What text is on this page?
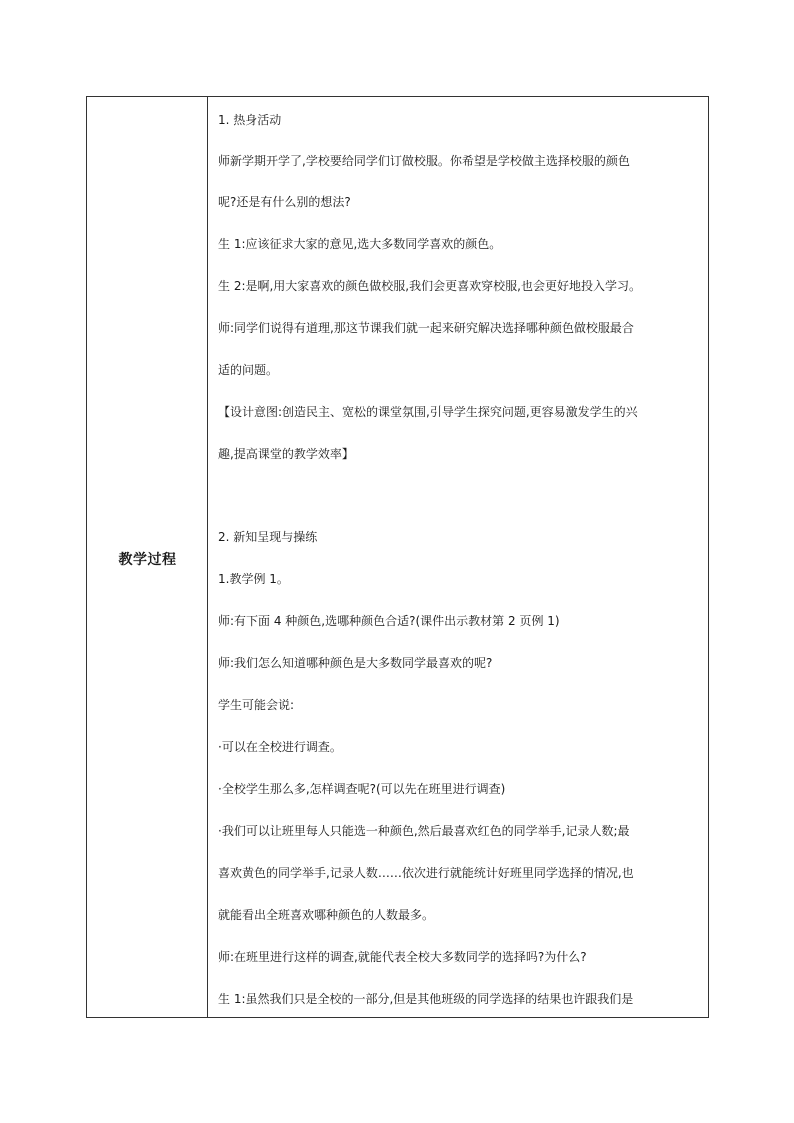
教学过程
1. 热身活动
师新学期开学了,学校要给同学们订做校服。你希望是学校做主选择校服的颜色
呢?还是有什么别的想法?
生 1:应该征求大家的意见,选大多数同学喜欢的颜色。
生 2:是啊,用大家喜欢的颜色做校服,我们会更喜欢穿校服,也会更好地投入学习。
师:同学们说得有道理,那这节课我们就一起来研究解决选择哪种颜色做校服最合
适的问题。
【设计意图:创造民主、宽松的课堂氛围,引导学生探究问题,更容易激发学生的兴
趣,提高课堂的教学效率】
2. 新知呈现与操练
1.教学例 1。
师:有下面 4 种颜色,选哪种颜色合适?(课件出示教材第 2 页例 1)
师:我们怎么知道哪种颜色是大多数同学最喜欢的呢?
学生可能会说:
·可以在全校进行调查。
·全校学生那么多,怎样调查呢?(可以先在班里进行调查)
·我们可以让班里每人只能选一种颜色,然后最喜欢红色的同学举手,记录人数;最
喜欢黄色的同学举手,记录人数……依次进行就能统计好班里同学选择的情况,也
就能看出全班喜欢哪种颜色的人数最多。
师:在班里进行这样的调查,就能代表全校大多数同学的选择吗?为什么?
生 1:虽然我们只是全校的一部分,但是其他班级的同学选择的结果也许跟我们是
